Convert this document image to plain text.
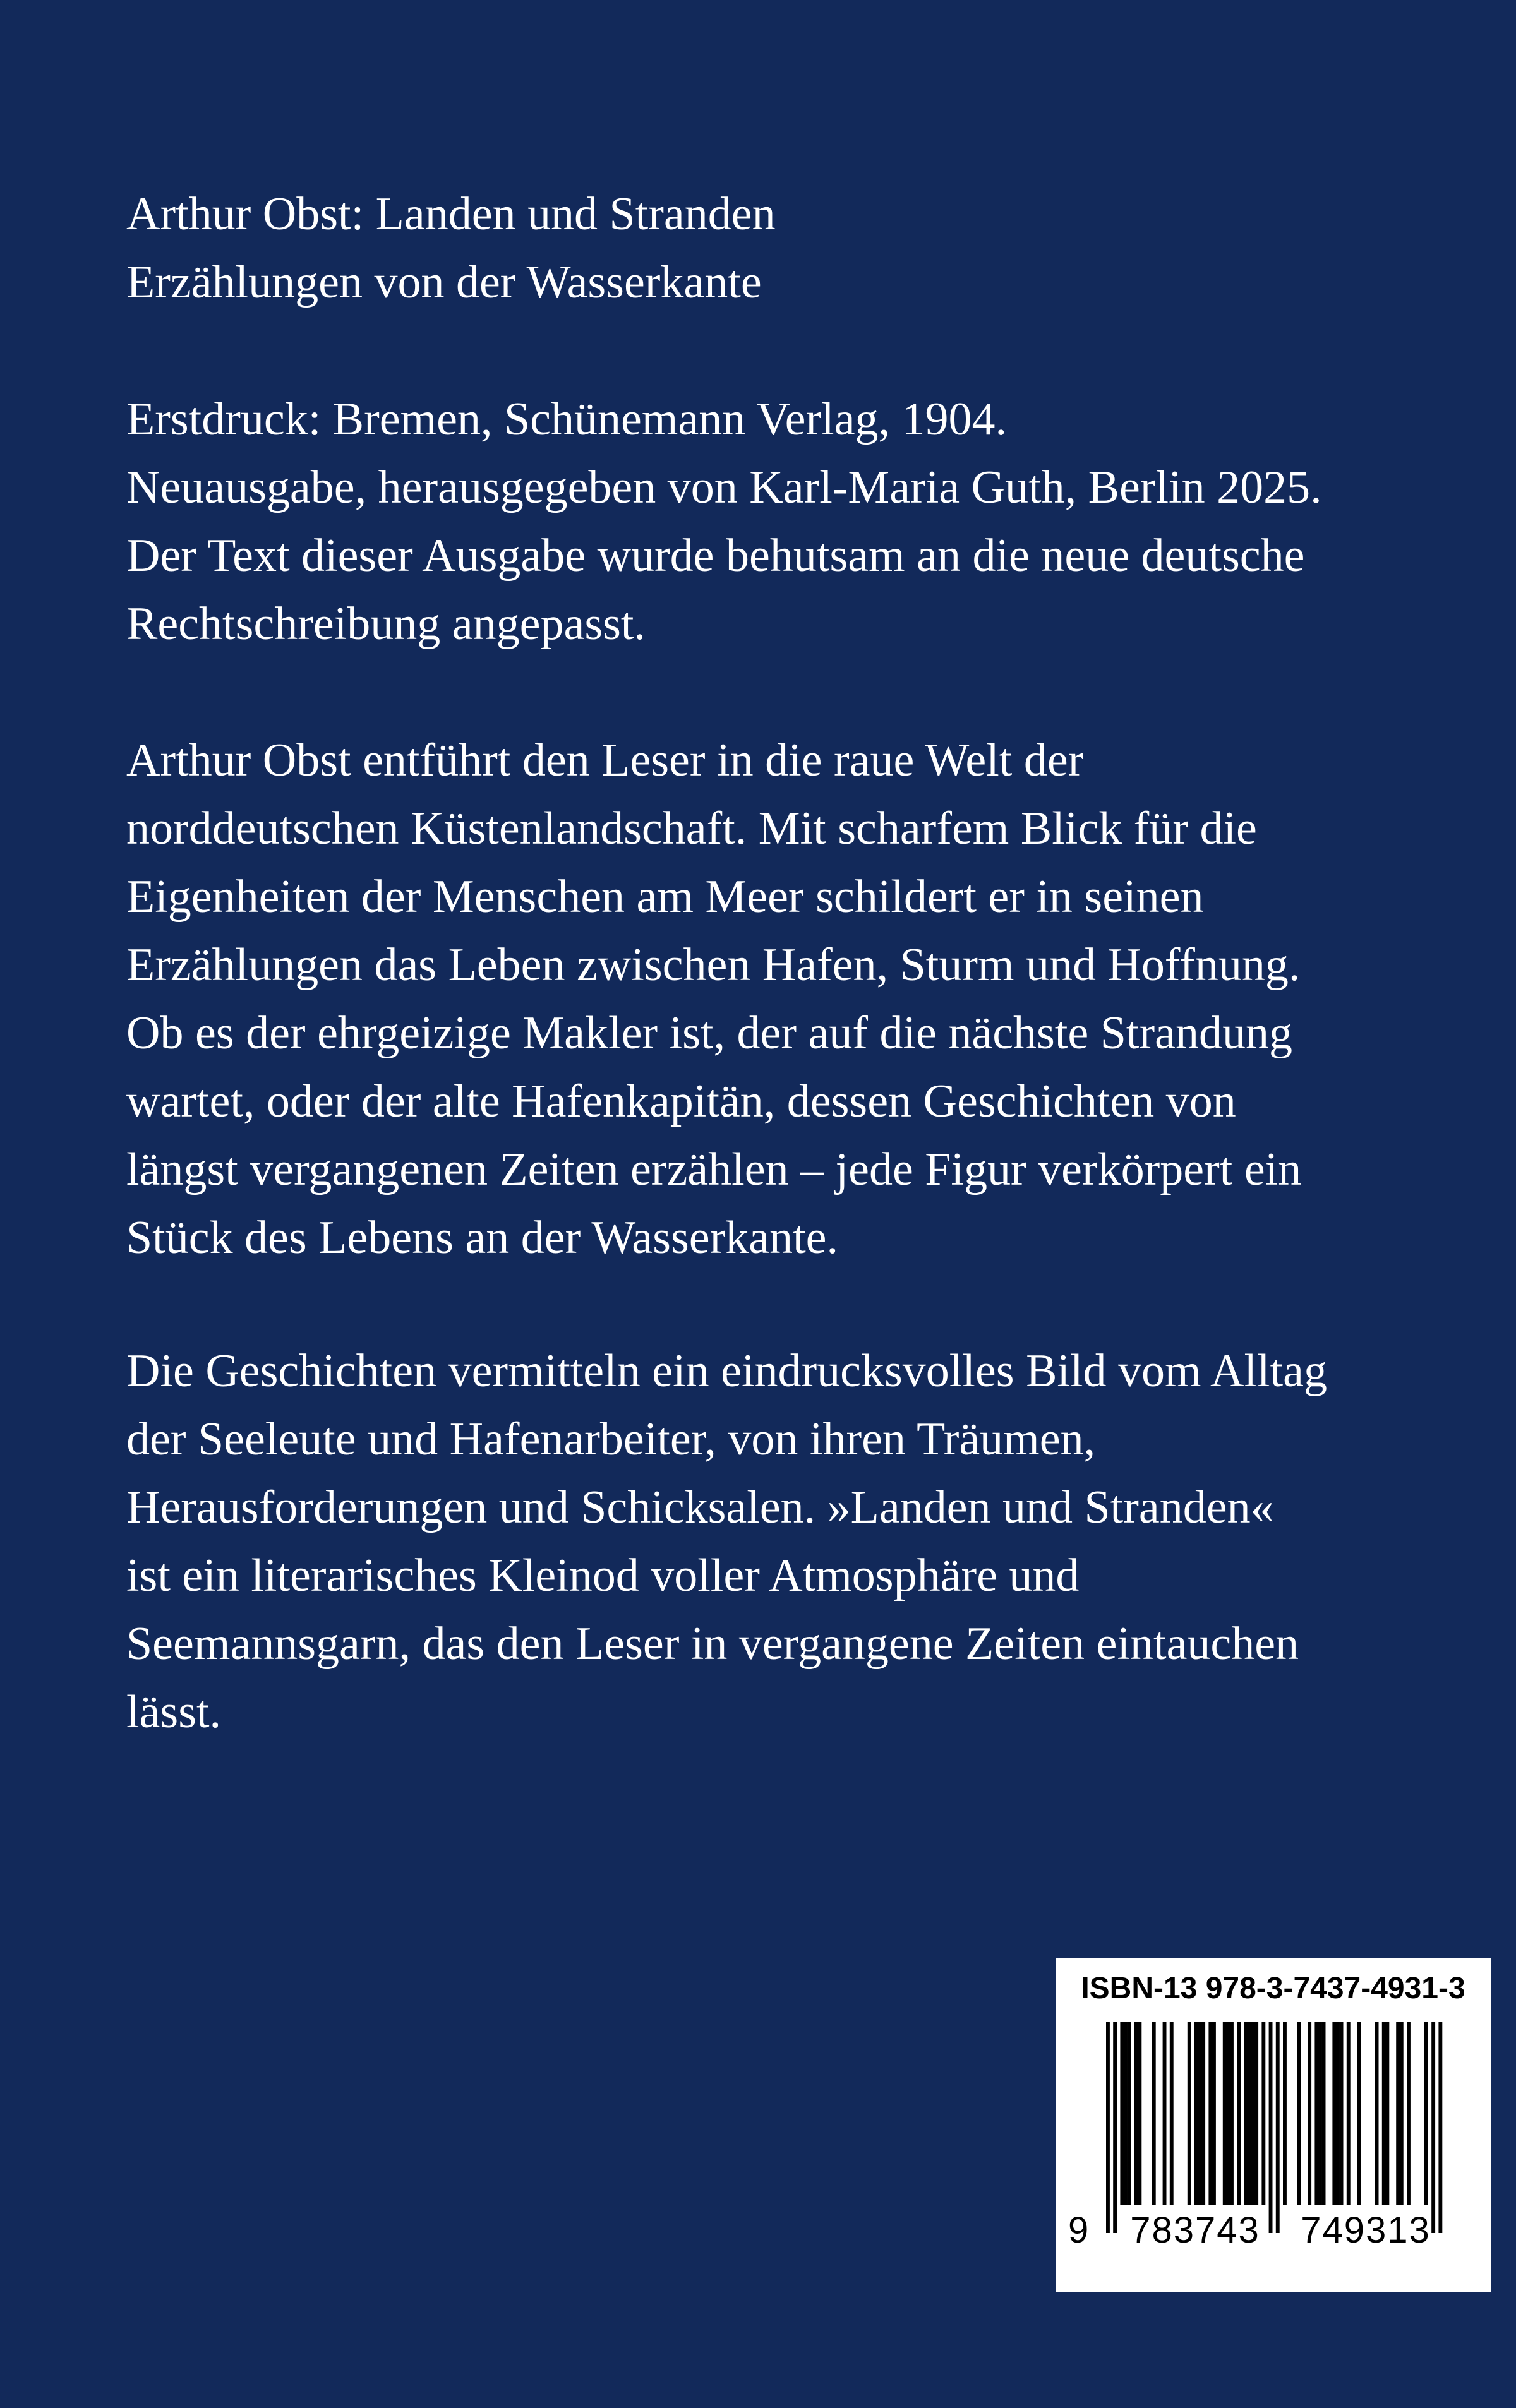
Arthur Obst: Landen und Stranden

Erzählungen von der Wasserkante

Erstdruck: Bremen, Schünemann Verlag, 1904.

Neuausgabe, herausgegeben von Karl-Maria Guth, Berlin 2025.

Der Text dieser Ausgabe wurde behutsam an die neue deutsche

Rechtschreibung angepasst.

Arthur Obst entführt den Leser in die raue Welt der

norddeutschen Küstenlandschaft. Mit scharfem Blick für die

Eigenheiten der Menschen am Meer schildert er in seinen

Erzählungen das Leben zwischen Hafen, Sturm und Hoffnung.

Ob es der ehrgeizige Makler ist, der auf die nächste Strandung

wartet, oder der alte Hafenkapitän, dessen Geschichten von

längst vergangenen Zeiten erzählen – jede Figur verkörpert ein

Stück des Lebens an der Wasserkante.

Die Geschichten vermitteln ein eindrucksvolles Bild vom Alltag

der Seeleute und Hafenarbeiter, von ihren Träumen,

Herausforderungen und Schicksalen. »Landen und Stranden«

ist ein literarisches Kleinod voller Atmosphäre und

Seemannsgarn, das den Leser in vergangene Zeiten eintauchen

lässt.

ISBN-13 978-3-7437-4931-3
9	783743	749313
